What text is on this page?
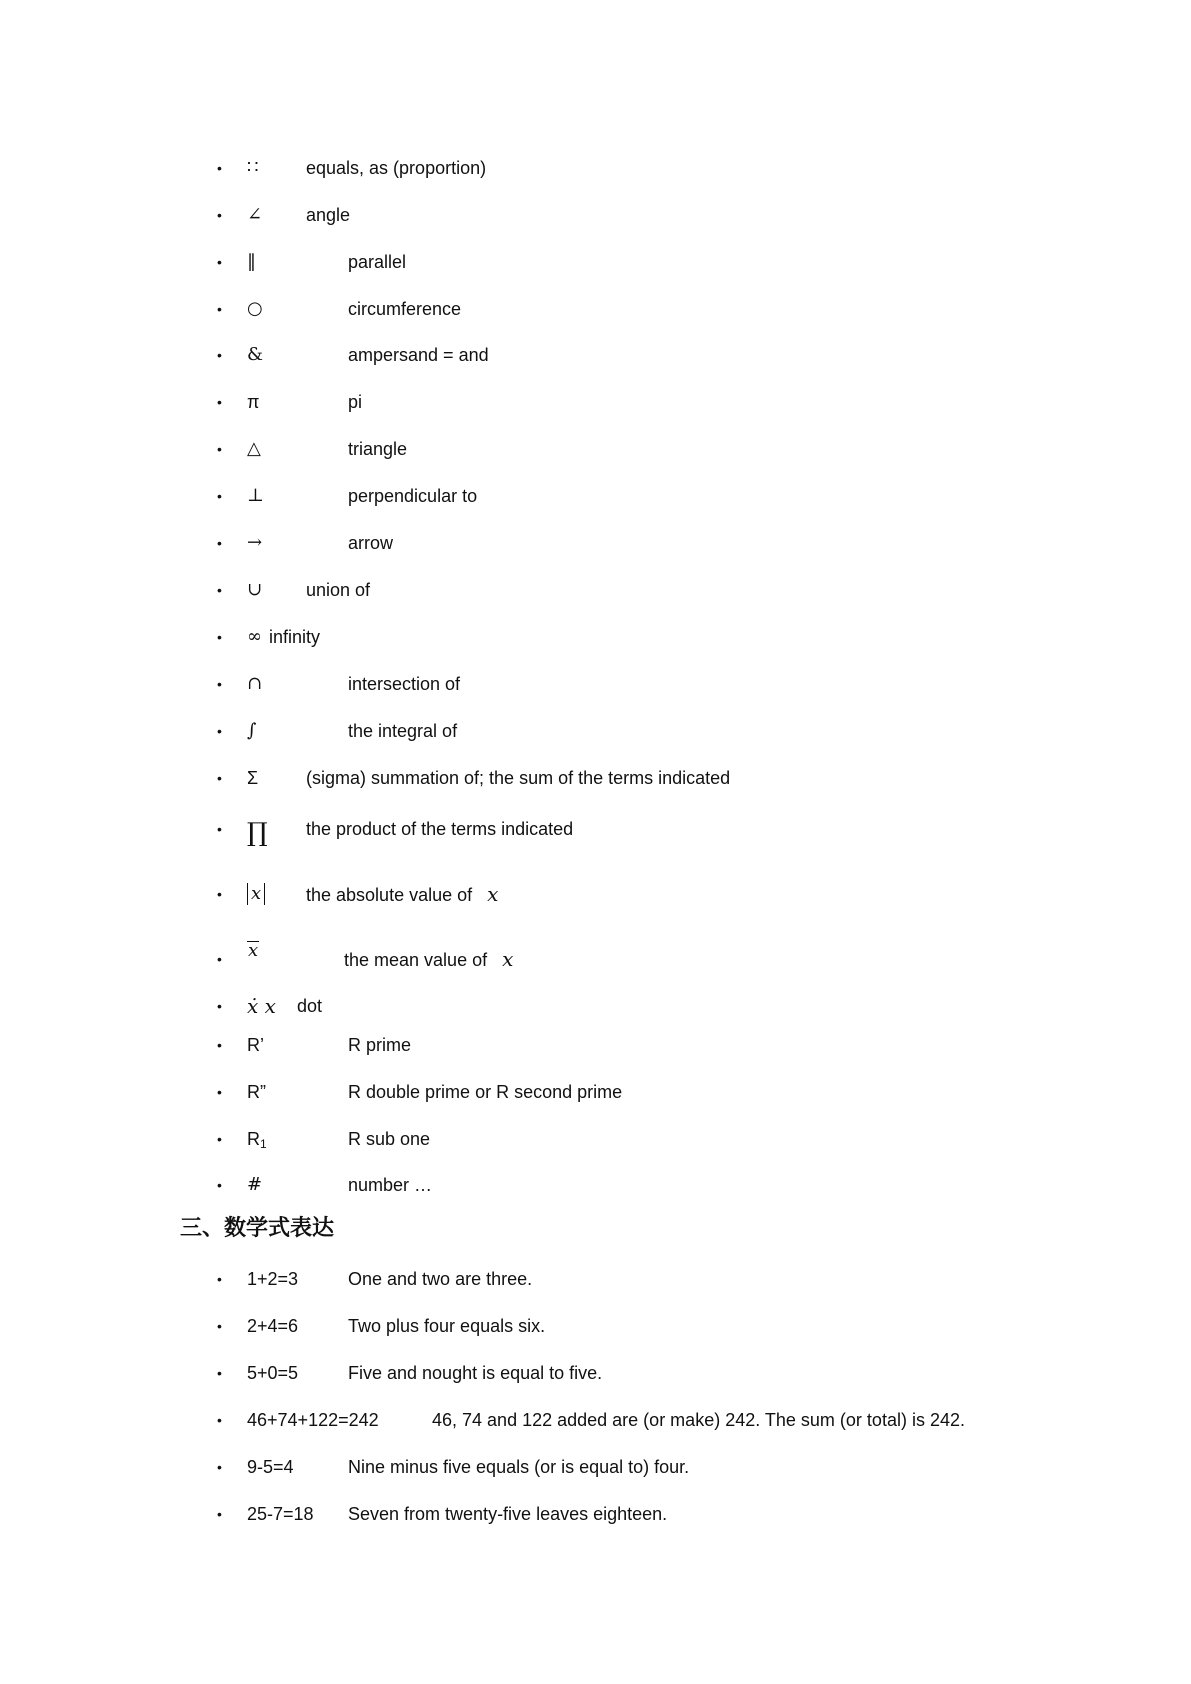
• ∷	equals, as (proportion)
• ∠ angle
• ‖	parallel
• ○	circumference
• &	ampersand = and
• π	pi
• △	triangle
• ⊥	perpendicular to
• →	arrow
• ∪ union of
• ∞ infinity
• ∩	intersection of
• ∫	the integral of
• Σ	(sigma) summation of; the sum of the terms indicated
• ∏ the product of the terms indicated
• x the absolute value of x
• x	the mean value of x
• ẋ x dot
• R’	R prime
• R”	R double prime or R second prime
• $R_1$	R sub one
• #	number …
三、数学式表达
• 1+2=3	One and two are three.
• 2+4=6	Two plus four equals six.
• 5+0=5	Five and nought is equal to five.
• 46+74+122=242	46, 74 and 122 added are (or make) 242. The sum (or total) is 242.
• 9-5=4	Nine minus five equals (or is equal to) four.
• 25-7=18 Seven from twenty-five leaves eighteen.
